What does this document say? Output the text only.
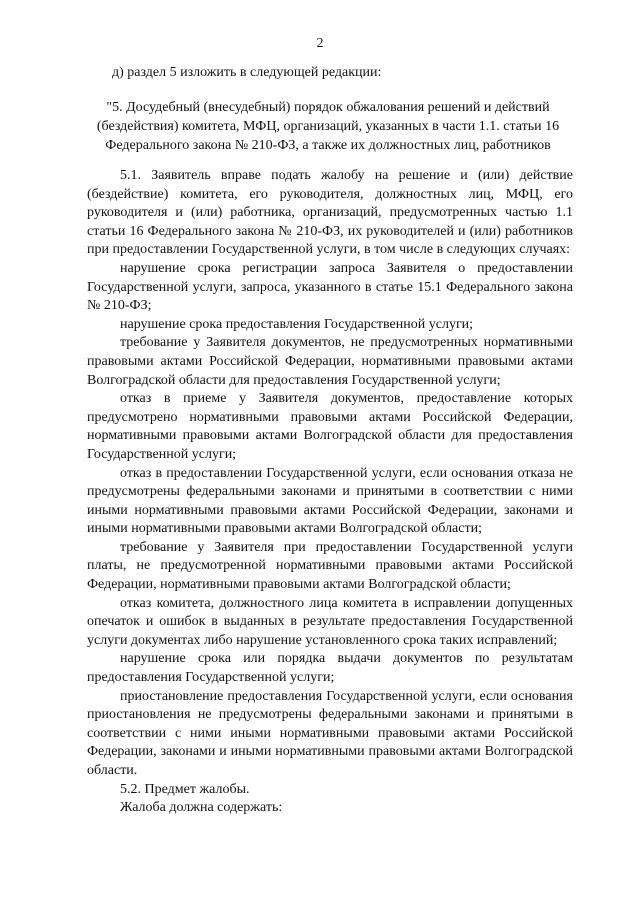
2
д) раздел 5 изложить в следующей редакции:
"5. Досудебный (внесудебный) порядок обжалования решений и действий
(бездействия) комитета, МФЦ, организаций, указанных в части 1.1. статьи 16
Федерального закона № 210-ФЗ, а также их должностных лиц, работников

5.1. Заявитель вправе подать жалобу на решение и (или) действие (бездействие) комитета, его руководителя, должностных лиц, МФЦ, его руководителя и (или) работника, организаций, предусмотренных частью 1.1 статьи 16 Федерального закона № 210-ФЗ, их руководителей и (или) работников при предоставлении Государственной услуги, в том числе в следующих случаях:

нарушение срока регистрации запроса Заявителя о предоставлении Государственной услуги, запроса, указанного в статье 15.1 Федерального закона № 210-ФЗ;

нарушение срока предоставления Государственной услуги;

требование у Заявителя документов, не предусмотренных нормативными правовыми актами Российской Федерации, нормативными правовыми актами Волгоградской области для предоставления Государственной услуги;

отказ в приеме у Заявителя документов, предоставление которых предусмотрено нормативными правовыми актами Российской Федерации, нормативными правовыми актами Волгоградской области для предоставления Государственной услуги;

отказ в предоставлении Государственной услуги, если основания отказа не предусмотрены федеральными законами и принятыми в соответствии с ними иными нормативными правовыми актами Российской Федерации, законами и иными нормативными правовыми актами Волгоградской области;

требование у Заявителя при предоставлении Государственной услуги платы, не предусмотренной нормативными правовыми актами Российской Федерации, нормативными правовыми актами Волгоградской области;

отказ комитета, должностного лица комитета в исправлении допущенных опечаток и ошибок в выданных в результате предоставления Государственной услуги документах либо нарушение установленного срока таких исправлений;

нарушение срока или порядка выдачи документов по результатам предоставления Государственной услуги;

приостановление предоставления Государственной услуги, если основания приостановления не предусмотрены федеральными законами и принятыми в соответствии с ними иными нормативными правовыми актами Российской Федерации, законами и иными нормативными правовыми актами Волгоградской области.

5.2. Предмет жалобы.

Жалоба должна содержать:
